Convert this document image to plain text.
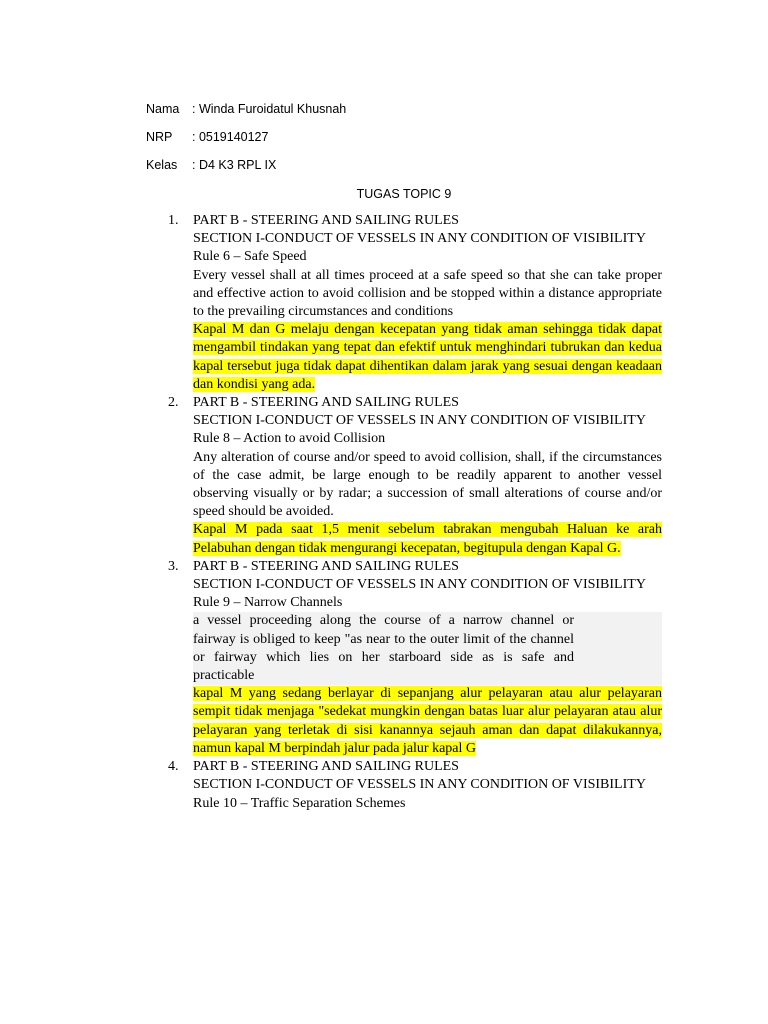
Nama : Winda Furoidatul Khusnah
NRP : 0519140127
Kelas : D4 K3 RPL IX
TUGAS TOPIC 9
1. PART B - STEERING AND SAILING RULES
SECTION I-CONDUCT OF VESSELS IN ANY CONDITION OF VISIBILITY
Rule 6 – Safe Speed
Every vessel shall at all times proceed at a safe speed so that she can take proper and effective action to avoid collision and be stopped within a distance appropriate to the prevailing circumstances and conditions
Kapal M dan G melaju dengan kecepatan yang tidak aman sehingga tidak dapat mengambil tindakan yang tepat dan efektif untuk menghindari tubrukan dan kedua kapal tersebut juga tidak dapat dihentikan dalam jarak yang sesuai dengan keadaan dan kondisi yang ada.
2. PART B - STEERING AND SAILING RULES
SECTION I-CONDUCT OF VESSELS IN ANY CONDITION OF VISIBILITY
Rule 8 – Action to avoid Collision
Any alteration of course and/or speed to avoid collision, shall, if the circumstances of the case admit, be large enough to be readily apparent to another vessel observing visually or by radar; a succession of small alterations of course and/or speed should be avoided.
Kapal M pada saat 1,5 menit sebelum tabrakan mengubah Haluan ke arah Pelabuhan dengan tidak mengurangi kecepatan, begitupula dengan Kapal G.
3. PART B - STEERING AND SAILING RULES
SECTION I-CONDUCT OF VESSELS IN ANY CONDITION OF VISIBILITY
Rule 9 – Narrow Channels
a vessel proceeding along the course of a narrow channel or fairway is obliged to keep "as near to the outer limit of the channel or fairway which lies on her starboard side as is safe and practicable
kapal M yang sedang berlayar di sepanjang alur pelayaran atau alur pelayaran sempit tidak menjaga "sedekat mungkin dengan batas luar alur pelayaran atau alur pelayaran yang terletak di sisi kanannya sejauh aman dan dapat dilakukannya, namun kapal M berpindah jalur pada jalur kapal G
4. PART B - STEERING AND SAILING RULES
SECTION I-CONDUCT OF VESSELS IN ANY CONDITION OF VISIBILITY
Rule 10 – Traffic Separation Schemes
